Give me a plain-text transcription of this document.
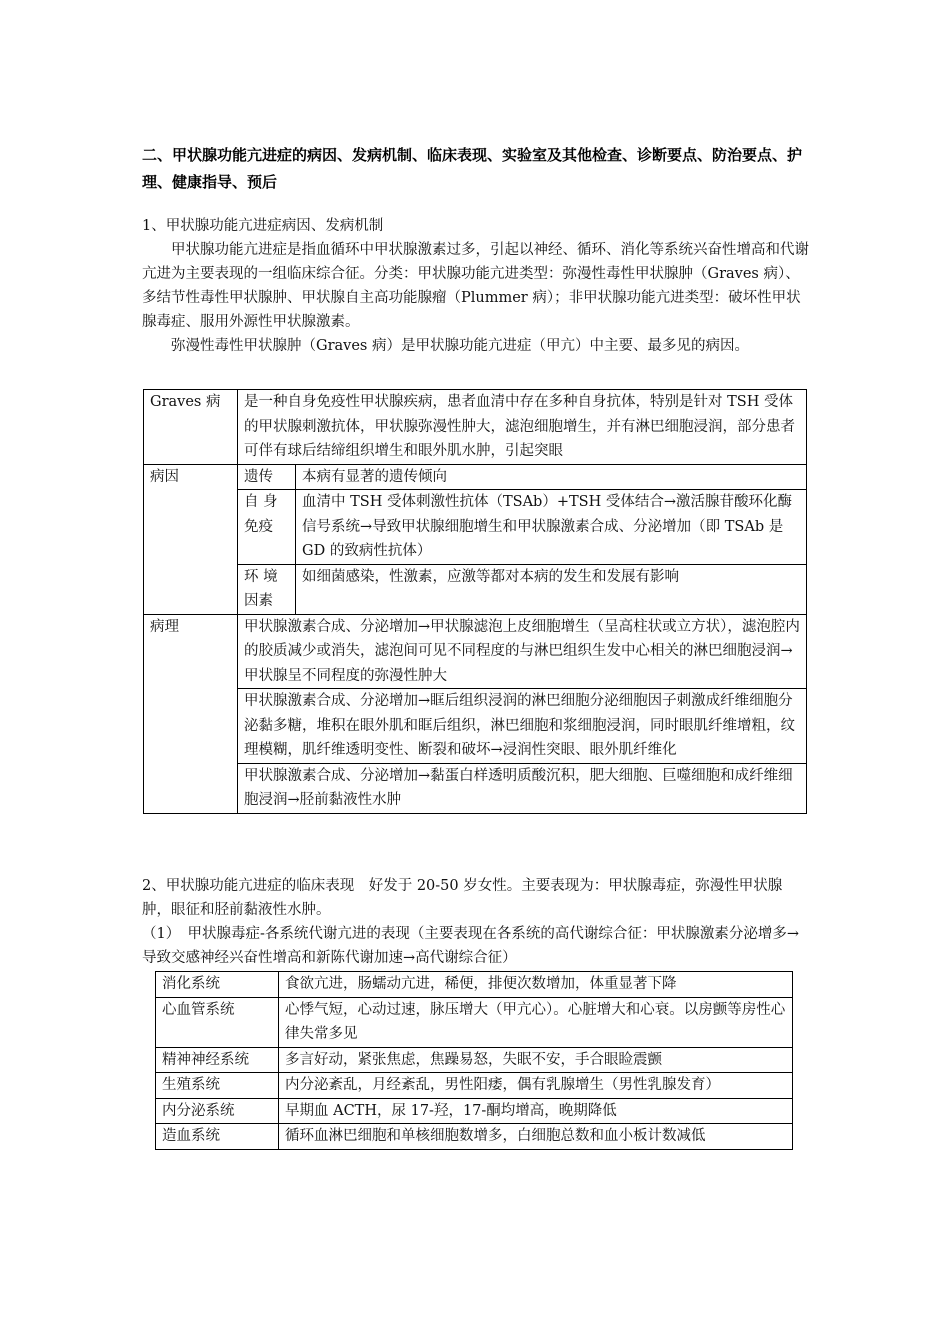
二、甲状腺功能亢进症的病因、发病机制、临床表现、实验室及其他检查、诊断要点、防治要点、护理、健康指导、预后

1、甲状腺功能亢进症病因、发病机制

甲状腺功能亢进症是指血循环中甲状腺激素过多，引起以神经、循环、消化等系统兴奋性增高和代谢亢进为主要表现的一组临床综合征。分类：甲状腺功能亢进类型：弥漫性毒性甲状腺肿（Graves 病）、多结节性毒性甲状腺肿、甲状腺自主高功能腺瘤（Plummer 病）；非甲状腺功能亢进类型：破坏性甲状腺毒症、服用外源性甲状腺激素。

弥漫性毒性甲状腺肿（Graves 病）是甲状腺功能亢进症（甲亢）中主要、最多见的病因。

Graves 病	是一种自身免疫性甲状腺疾病，患者血清中存在多种自身抗体，特别是针对 TSH 受体的甲状腺刺激抗体，甲状腺弥漫性肿大，滤泡细胞增生，并有淋巴细胞浸润，部分患者可伴有球后结缔组织增生和眼外肌水肿，引起突眼	
病因	遗传	本病有显著的遗传倾向
	自 身 免疫	血清中 TSH 受体刺激性抗体（TSAb）+TSH 受体结合→激活腺苷酸环化酶信号系统→导致甲状腺细胞增生和甲状腺激素合成、分泌增加（即 TSAb 是 GD 的致病性抗体）
	环 境 因素	如细菌感染，性激素，应激等都对本病的发生和发展有影响
病理	甲状腺激素合成、分泌增加→甲状腺滤泡上皮细胞增生（呈高柱状或立方状），滤泡腔内的胶质减少或消失，滤泡间可见不同程度的与淋巴组织生发中心相关的淋巴细胞浸润→甲状腺呈不同程度的弥漫性肿大	
	甲状腺激素合成、分泌增加→眶后组织浸润的淋巴细胞分泌细胞因子刺激成纤维细胞分泌黏多糖，堆积在眼外肌和眶后组织，淋巴细胞和浆细胞浸润，同时眼肌纤维增粗，纹理模糊，肌纤维透明变性、断裂和破坏→浸润性突眼、眼外肌纤维化	
	甲状腺激素合成、分泌增加→黏蛋白样透明质酸沉积，肥大细胞、巨噬细胞和成纤维细胞浸润→胫前黏液性水肿	

2、甲状腺功能亢进症的临床表现　好发于 20-50 岁女性。主要表现为：甲状腺毒症，弥漫性甲状腺肿，眼征和胫前黏液性水肿。

（1）　甲状腺毒症-各系统代谢亢进的表现（主要表现在各系统的高代谢综合征：甲状腺激素分泌增多→导致交感神经兴奋性增高和新陈代谢加速→高代谢综合征）

消化系统	食欲亢进，肠蠕动亢进，稀便，排便次数增加，体重显著下降
心血管系统	心悸气短，心动过速，脉压增大（甲亢心）。心脏增大和心衰。以房颤等房性心律失常多见
精神神经系统	多言好动，紧张焦虑，焦躁易怒，失眠不安，手合眼睑震颤
生殖系统	内分泌紊乱，月经紊乱，男性阳痿，偶有乳腺增生（男性乳腺发育）
内分泌系统	早期血 ACTH，尿 17-羟，17-酮均增高，晚期降低
造血系统	循环血淋巴细胞和单核细胞数增多，白细胞总数和血小板计数减低
